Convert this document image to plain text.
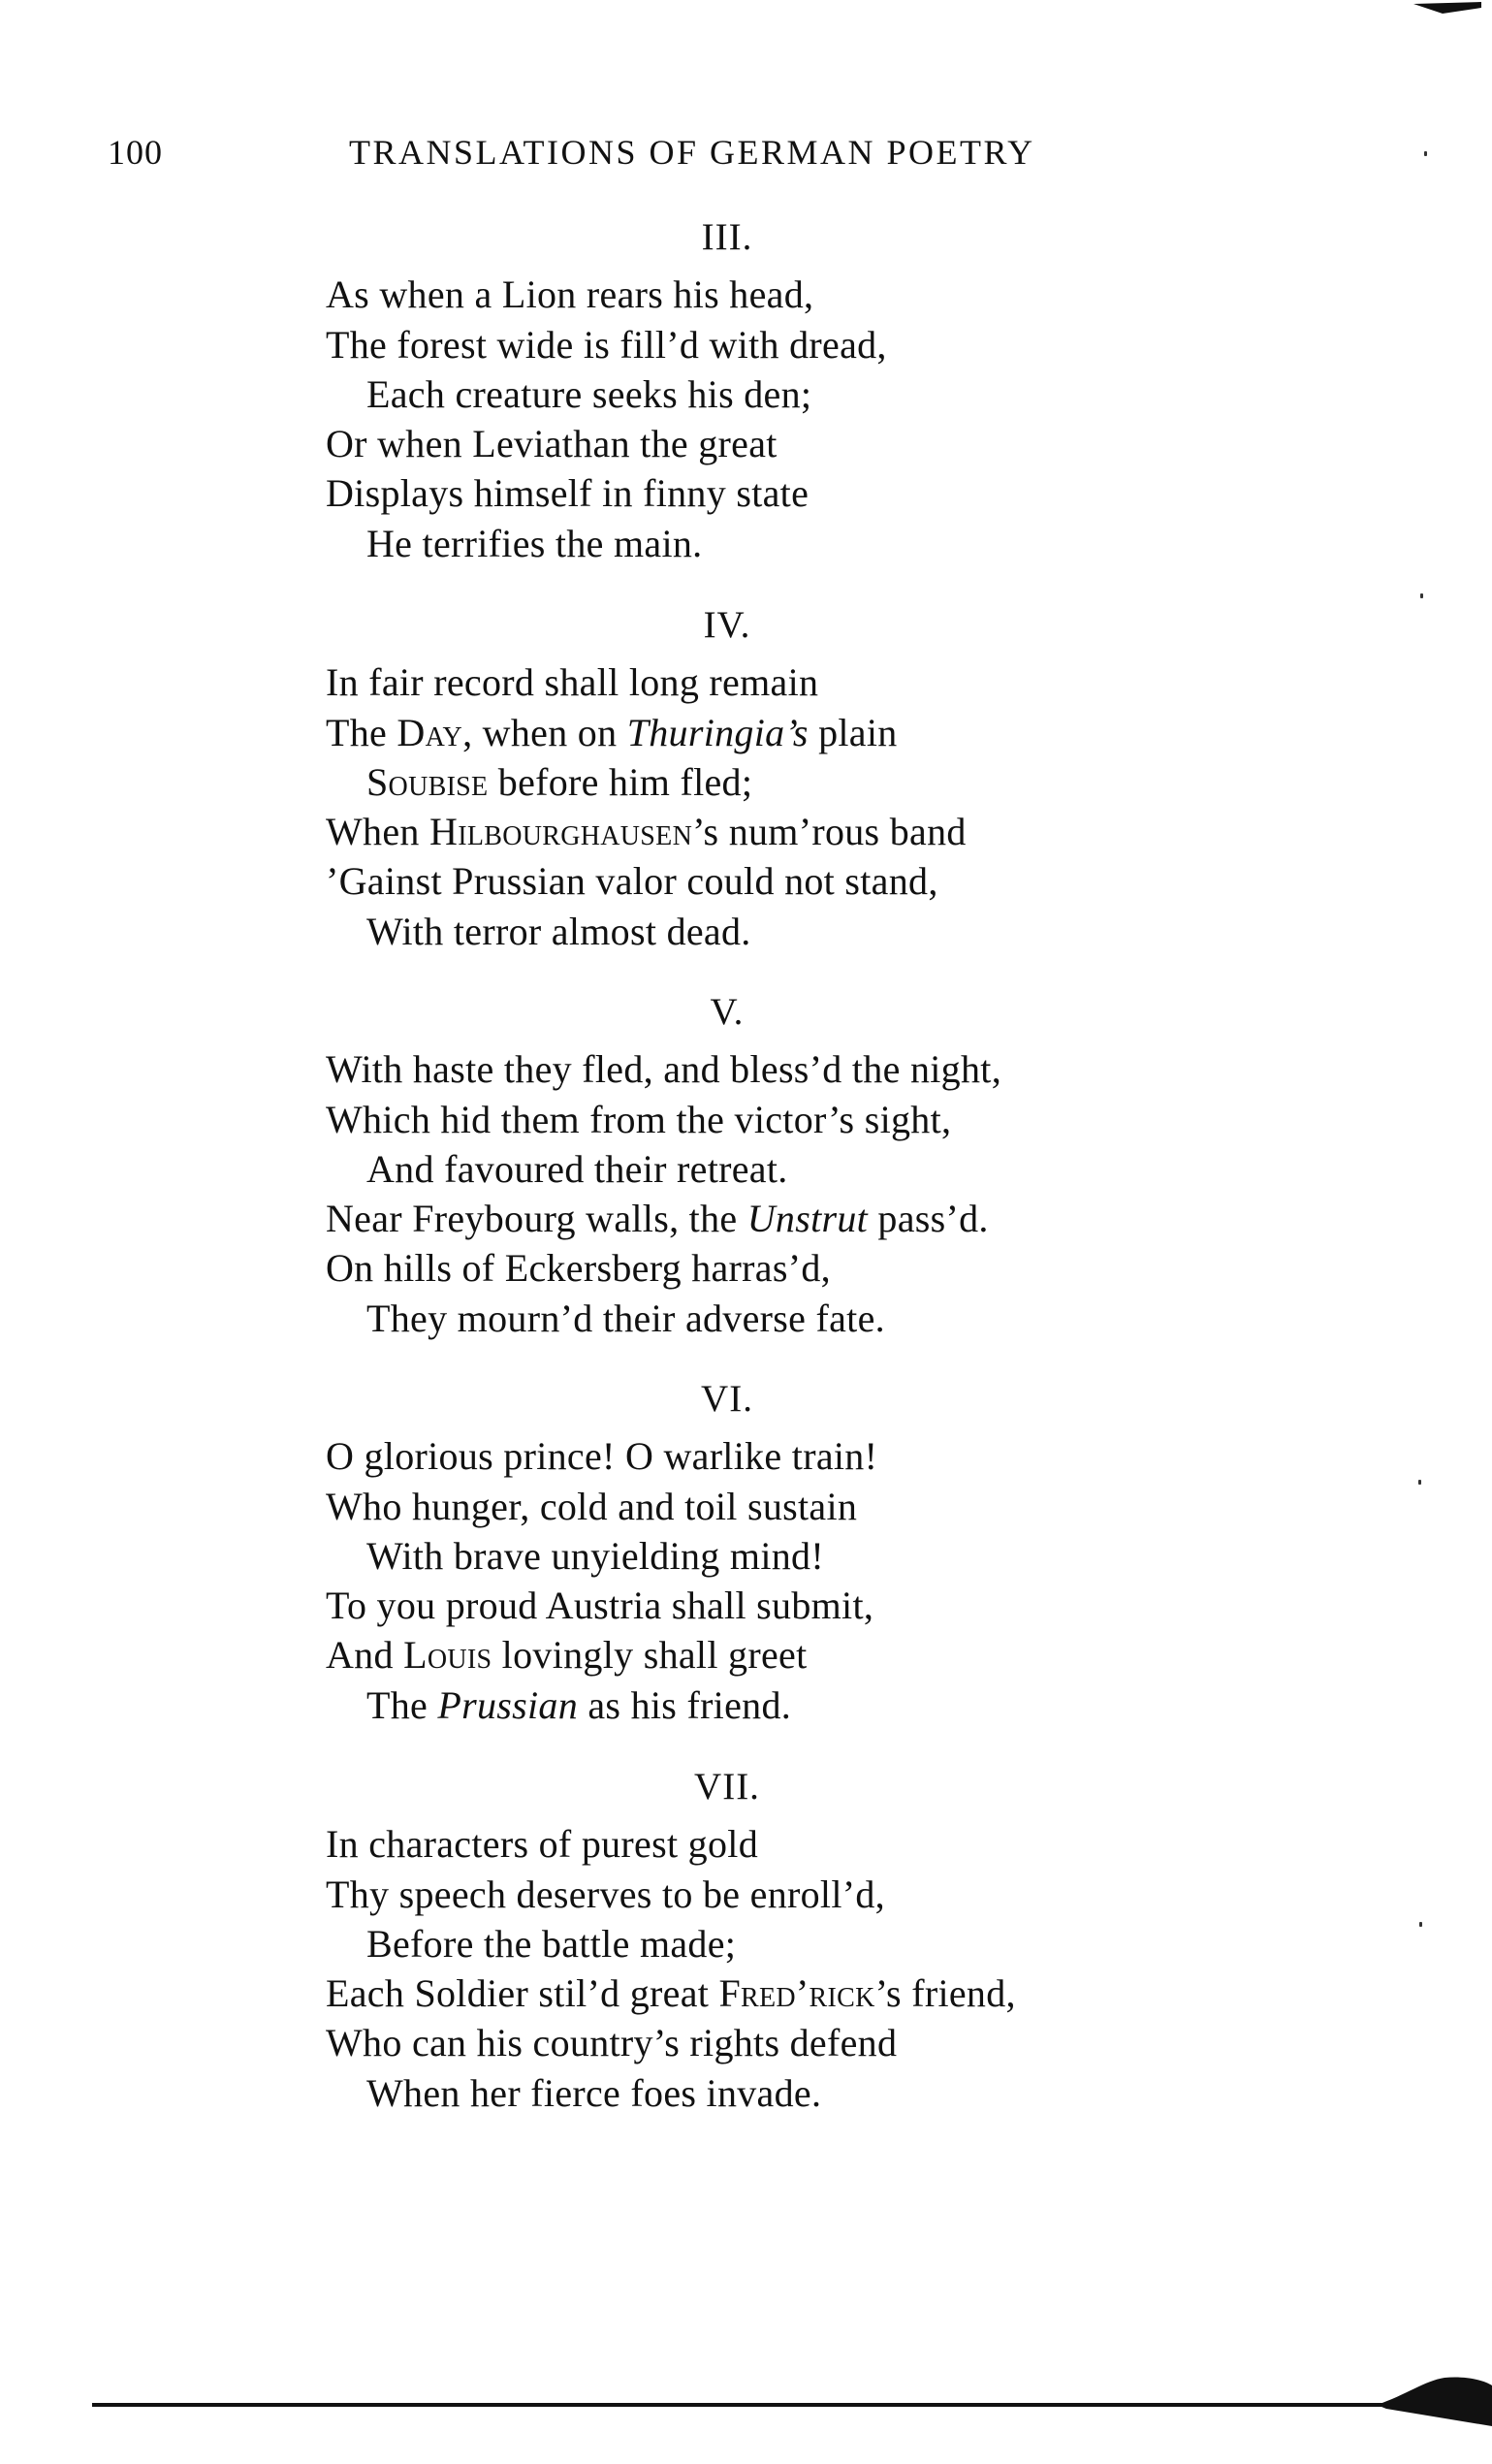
100	TRANSLATIONS OF GERMAN POETRY
III.
As when a Lion rears his head,
The forest wide is fill’d with dread,
Each creature seeks his den;
Or when Leviathan the great
Displays himself in finny state
He terrifies the main.
IV.
In fair record shall long remain
The Day, when on Thuringia’s plain
Soubise before him fled;
When Hilbourghausen’s num’rous band
’Gainst Prussian valor could not stand,
With terror almost dead.
V.
With haste they fled, and bless’d the night,
Which hid them from the victor’s sight,
And favoured their retreat.
Near Freybourg walls, the Unstrut pass’d.
On hills of Eckersberg harras’d,
They mourn’d their adverse fate.
VI.
O glorious prince! O warlike train!
Who hunger, cold and toil sustain
With brave unyielding mind!
To you proud Austria shall submit,
And Louis lovingly shall greet
The Prussian as his friend.
VII.
In characters of purest gold
Thy speech deserves to be enroll’d,
Before the battle made;
Each Soldier stil’d great Fred’rick’s friend,
Who can his country’s rights defend
When her fierce foes invade.
